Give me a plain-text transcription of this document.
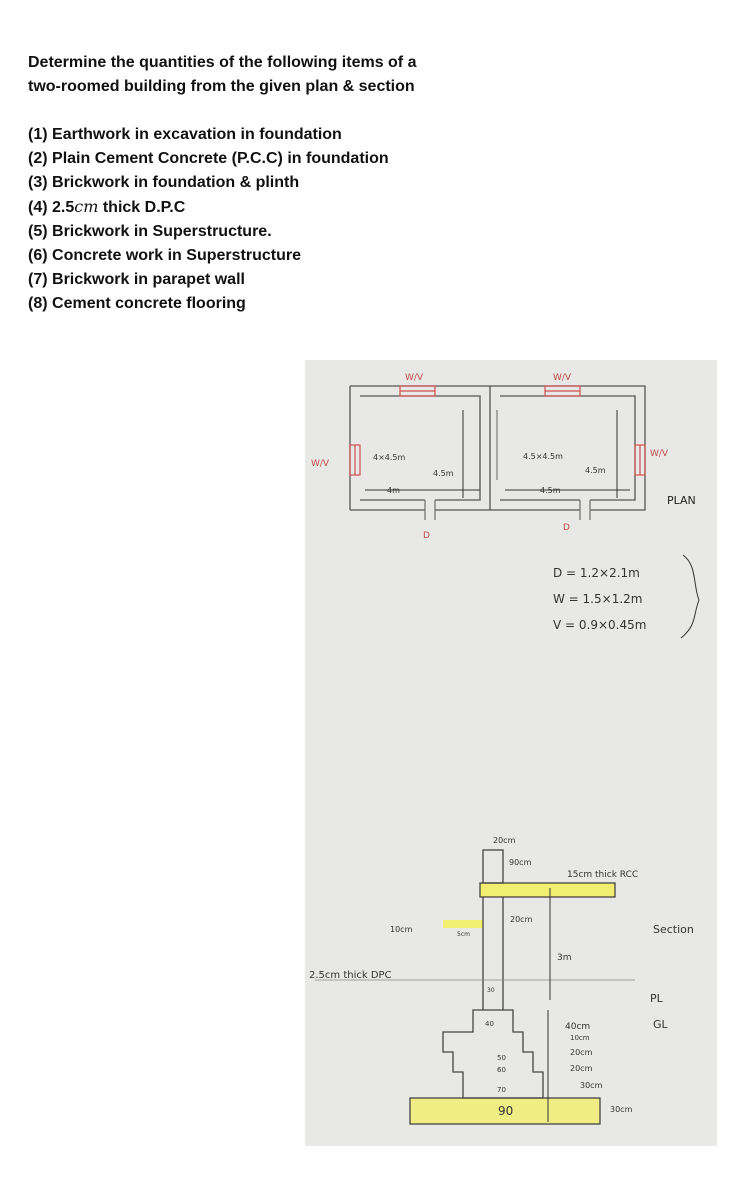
Determine the quantities of the following items of a

two-roomed building from the given plan & section

(1) Earthwork in excavation in foundation

(2) Plain Cement Concrete (P.C.C) in foundation

(3) Brickwork in foundation & plinth

(4) 2.5cm thick D.P.C

(5) Brickwork in Superstructure.

(6) Concrete work in Superstructure

(7) Brickwork in parapet wall

(8) Cement concrete flooring

W/V	W/V
W/V
W/V
D
D
4×4.5m
4.5m
4m
4.5×4.5m
4.5m
4.5m
PLAN
D = 1.2×2.1m
W = 1.5×1.2m
V = 0.9×0.45m
20cm
90cm
15cm thick RCC
20cm
3m
10cm
5cm
2.5cm thick DPC
30
40
50
60
70
90
40cm
10cm
20cm
20cm
30cm
30cm
Section
PL
GL
